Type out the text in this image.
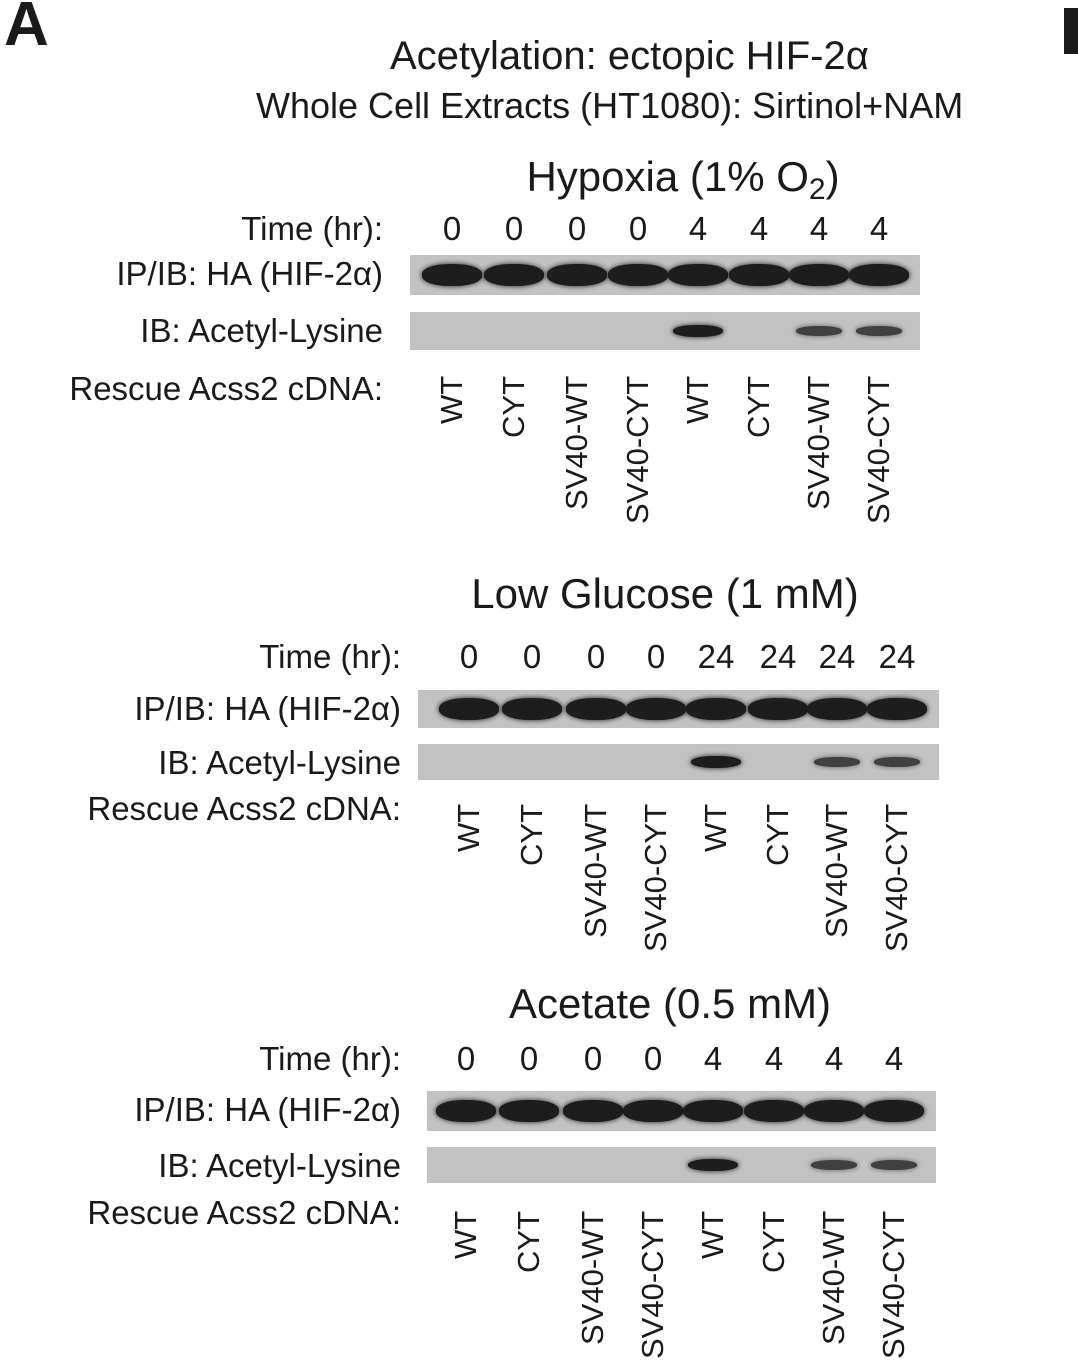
A	Acetylation: ectopic HIF-2α
Whole Cell Extracts (HT1080): Sirtinol+NAM
Hypoxia (1% $O_2$)
Time (hr):
IP/IB: HA (HIF-2α)
IB: Acetyl-Lysine
Rescue Acss2 cDNA:
0 0 0 0 4 4 4 4
WT CYT SV40-WT SV40-CYT WT CYT SV40-WT SV40-CYT
Low Glucose (1 mM)
Time (hr):
IP/IB: HA (HIF-2α)
IB: Acetyl-Lysine
Rescue Acss2 cDNA:
0 0 0 0 24 24 24 24
WT CYT SV40-WT SV40-CYT WT CYT SV40-WT SV40-CYT
Acetate (0.5 mM)
Time (hr):
IP/IB: HA (HIF-2α)
IB: Acetyl-Lysine
Rescue Acss2 cDNA:
0 0 0 0 4 4 4 4
WT CYT SV40-WT SV40-CYT WT CYT SV40-WT SV40-CYT
